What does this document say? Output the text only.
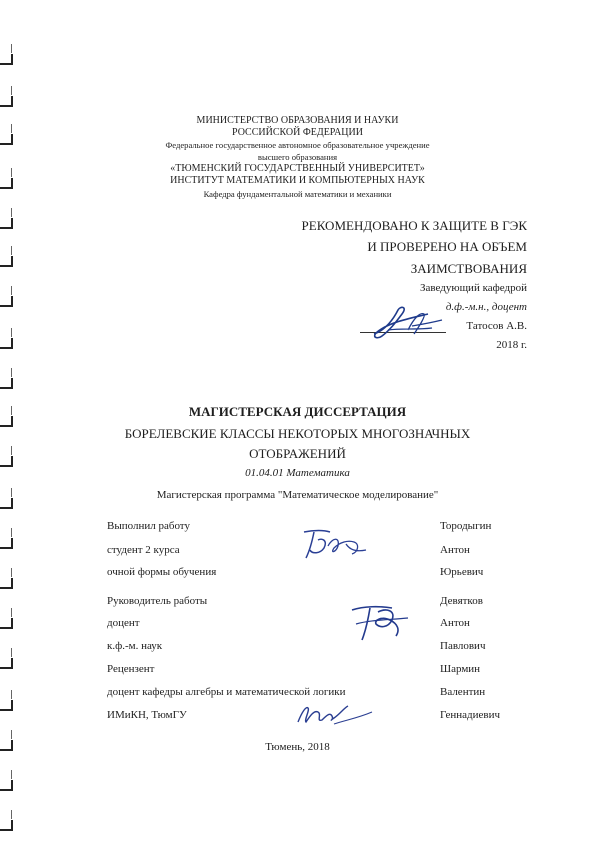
МИНИСТЕРСТВО ОБРАЗОВАНИЯ И НАУКИ
РОССИЙСКОЙ ФЕДЕРАЦИИ
Федеральное государственное автономное образовательное учреждение
высшего образования
«ТЮМЕНСКИЙ ГОСУДАРСТВЕННЫЙ УНИВЕРСИТЕТ»
ИНСТИТУТ МАТЕМАТИКИ И КОМПЬЮТЕРНЫХ НАУК
Кафедра фундаментальной математики и механики
РЕКОМЕНДОВАНО К ЗАЩИТЕ В ГЭК
И ПРОВЕРЕНО НА ОБЪЕМ
ЗАИМСТВОВАНИЯ
Заведующий кафедрой
д.ф.-м.н., доцент
Татосов А.В.
2018 г.
МАГИСТЕРСКАЯ ДИССЕРТАЦИЯ
БОРЕЛЕВСКИЕ КЛАССЫ НЕКОТОРЫХ МНОГОЗНАЧНЫХ
ОТОБРАЖЕНИЙ
01.04.01 Математика
Магистерская программа "Математическое моделирование"
Выполнил работу
студент 2 курса
очной формы обучения
Тородыгин
Антон
Юрьевич
Руководитель работы
доцент
к.ф.-м. наук
Девятков
Антон
Павлович
Рецензент
доцент кафедры алгебры и математической логики
ИМиКН, ТюмГУ
Шармин
Валентин
Геннадиевич
Тюмень, 2018
